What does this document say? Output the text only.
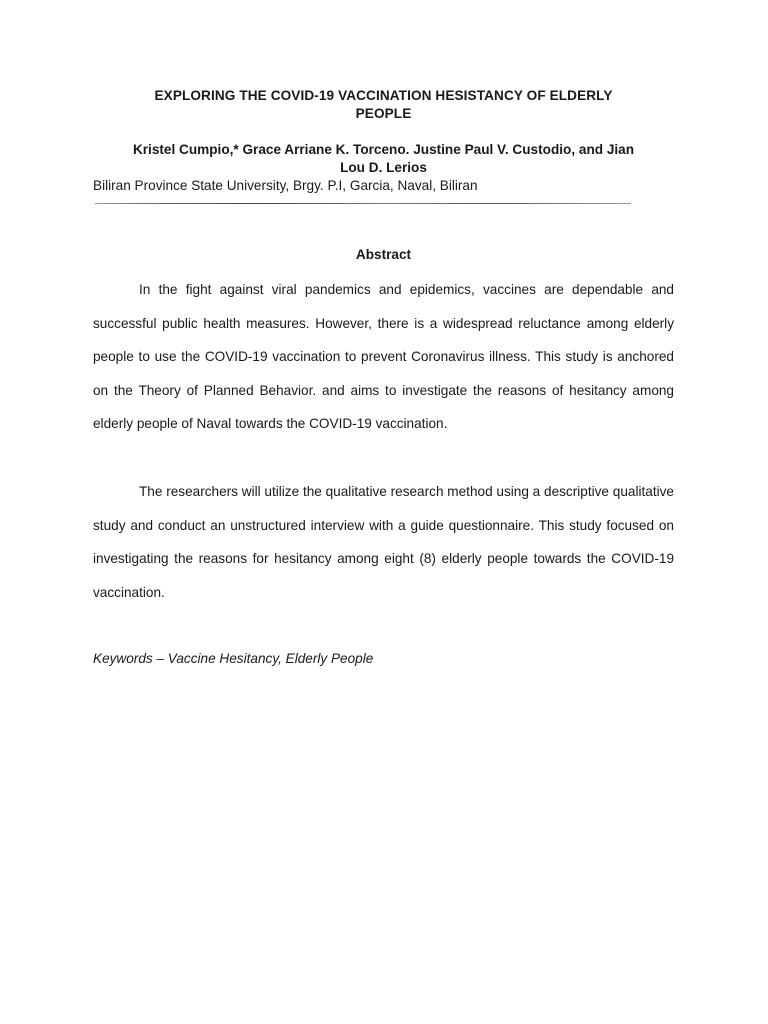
EXPLORING THE COVID-19 VACCINATION HESISTANCY OF ELDERLY
PEOPLE
Kristel Cumpio,* Grace Arriane K. Torceno. Justine Paul V. Custodio, and Jian
Lou D. Lerios
Biliran Province State University, Brgy. P.I, Garcia, Naval, Biliran
Abstract

In the fight against viral pandemics and epidemics, vaccines are dependable and successful public health measures. However, there is a widespread reluctance among elderly people to use the COVID-19 vaccination to prevent Coronavirus illness. This study is anchored on the Theory of Planned Behavior. and aims to investigate the reasons of hesitancy among elderly people of Naval towards the COVID-19 vaccination.

The researchers will utilize the qualitative research method using a descriptive qualitative study and conduct an unstructured interview with a guide questionnaire. This study focused on investigating the reasons for hesitancy among eight (8) elderly people towards the COVID-19 vaccination.

Keywords – Vaccine Hesitancy, Elderly People
